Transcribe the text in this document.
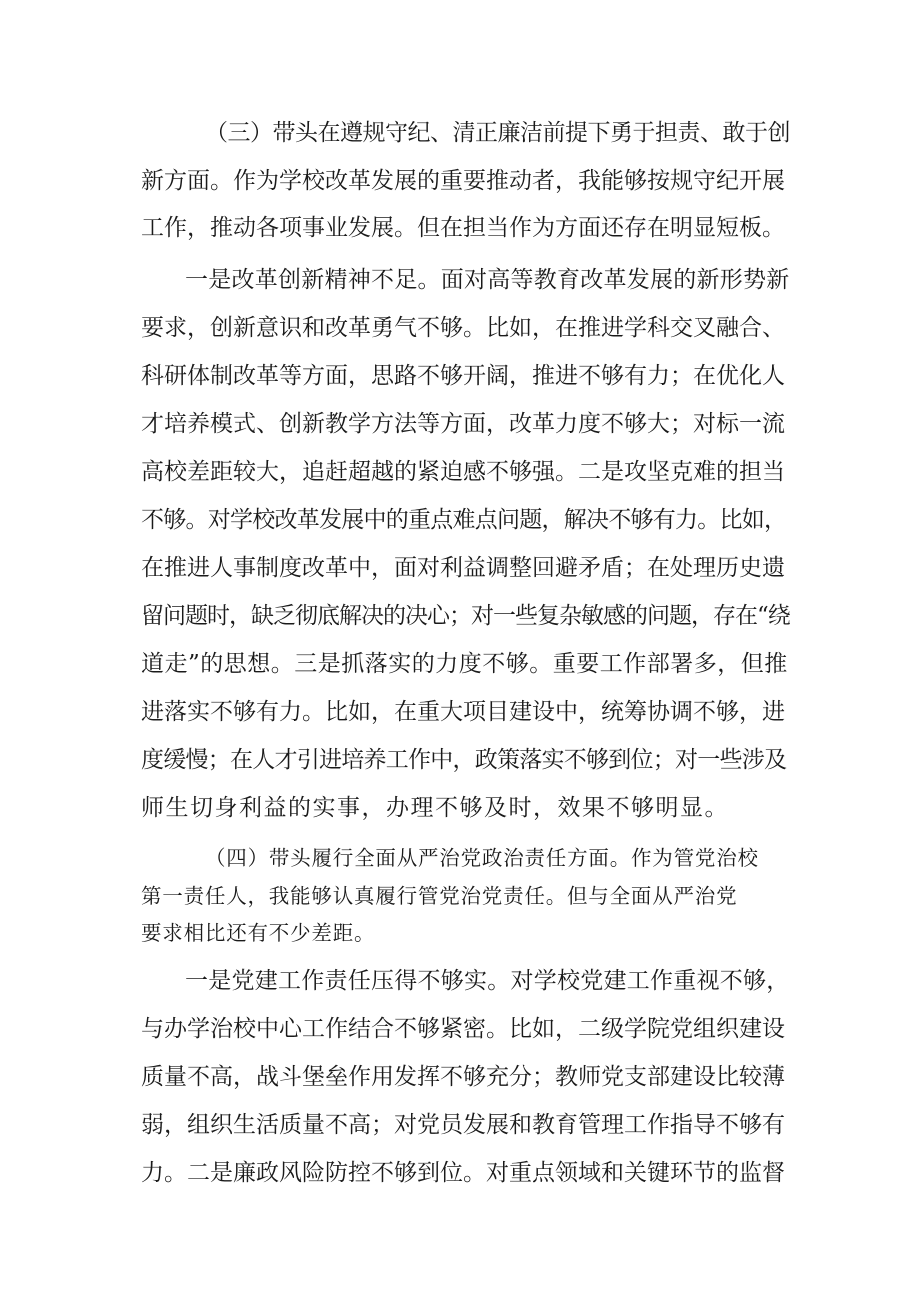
（三）带头在遵规守纪、清正廉洁前提下勇于担责、敢于创
新方面。作为学校改革发展的重要推动者，我能够按规守纪开展
工作，推动各项事业发展。但在担当作为方面还存在明显短板。
一是改革创新精神不足。面对高等教育改革发展的新形势新
要求，创新意识和改革勇气不够。比如，在推进学科交叉融合、
科研体制改革等方面，思路不够开阔，推进不够有力；在优化人
才培养模式、创新教学方法等方面，改革力度不够大；对标一流
高校差距较大，追赶超越的紧迫感不够强。二是攻坚克难的担当
不够。对学校改革发展中的重点难点问题，解决不够有力。比如，
在推进人事制度改革中，面对利益调整回避矛盾；在处理历史遗
留问题时，缺乏彻底解决的决心；对一些复杂敏感的问题，存在“绕
道走”的思想。三是抓落实的力度不够。重要工作部署多，但推
进落实不够有力。比如，在重大项目建设中，统筹协调不够，进
度缓慢；在人才引进培养工作中，政策落实不够到位；对一些涉及
师生切身利益的实事，办理不够及时，效果不够明显。
（四）带头履行全面从严治党政治责任方面。作为管党治校
第一责任人，我能够认真履行管党治党责任。但与全面从严治党
要求相比还有不少差距。
一是党建工作责任压得不够实。对学校党建工作重视不够，
与办学治校中心工作结合不够紧密。比如，二级学院党组织建设
质量不高，战斗堡垒作用发挥不够充分；教师党支部建设比较薄
弱，组织生活质量不高；对党员发展和教育管理工作指导不够有
力。二是廉政风险防控不够到位。对重点领域和关键环节的监督
